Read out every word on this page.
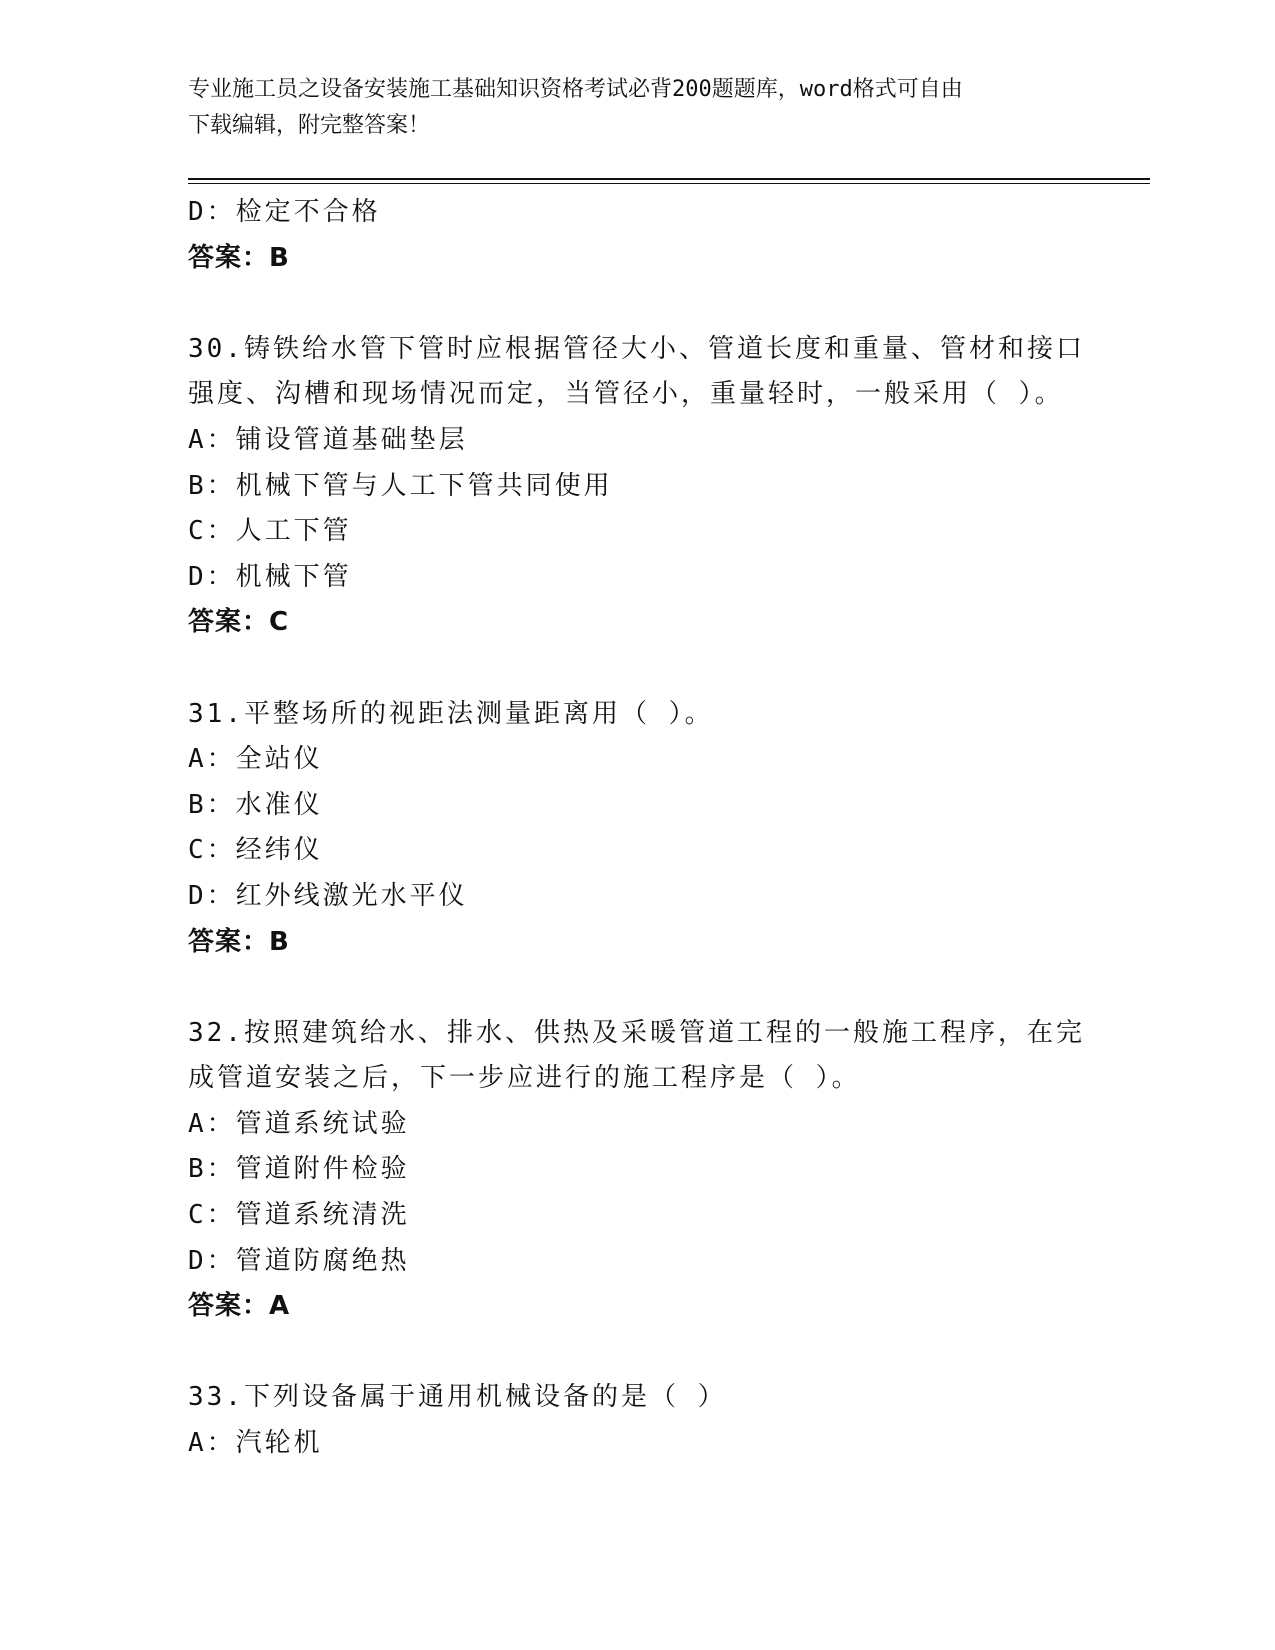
专业施工员之设备安装施工基础知识资格考试必背200题题库，word格式可自由
下载编辑，附完整答案！
D：检定不合格
答案：B
30.铸铁给水管下管时应根据管径大小、管道长度和重量、管材和接口
强度、沟槽和现场情况而定，当管径小，重量轻时，一般采用（ ）。
A：铺设管道基础垫层
B：机械下管与人工下管共同使用
C：人工下管
D：机械下管
答案：C
31.平整场所的视距法测量距离用（ ）。
A：全站仪
B：水准仪
C：经纬仪
D：红外线激光水平仪
答案：B
32.按照建筑给水、排水、供热及采暖管道工程的一般施工程序，在完
成管道安装之后，下一步应进行的施工程序是（ ）。
A：管道系统试验
B：管道附件检验
C：管道系统清洗
D：管道防腐绝热
答案：A
33.下列设备属于通用机械设备的是（ ）
A：汽轮机
